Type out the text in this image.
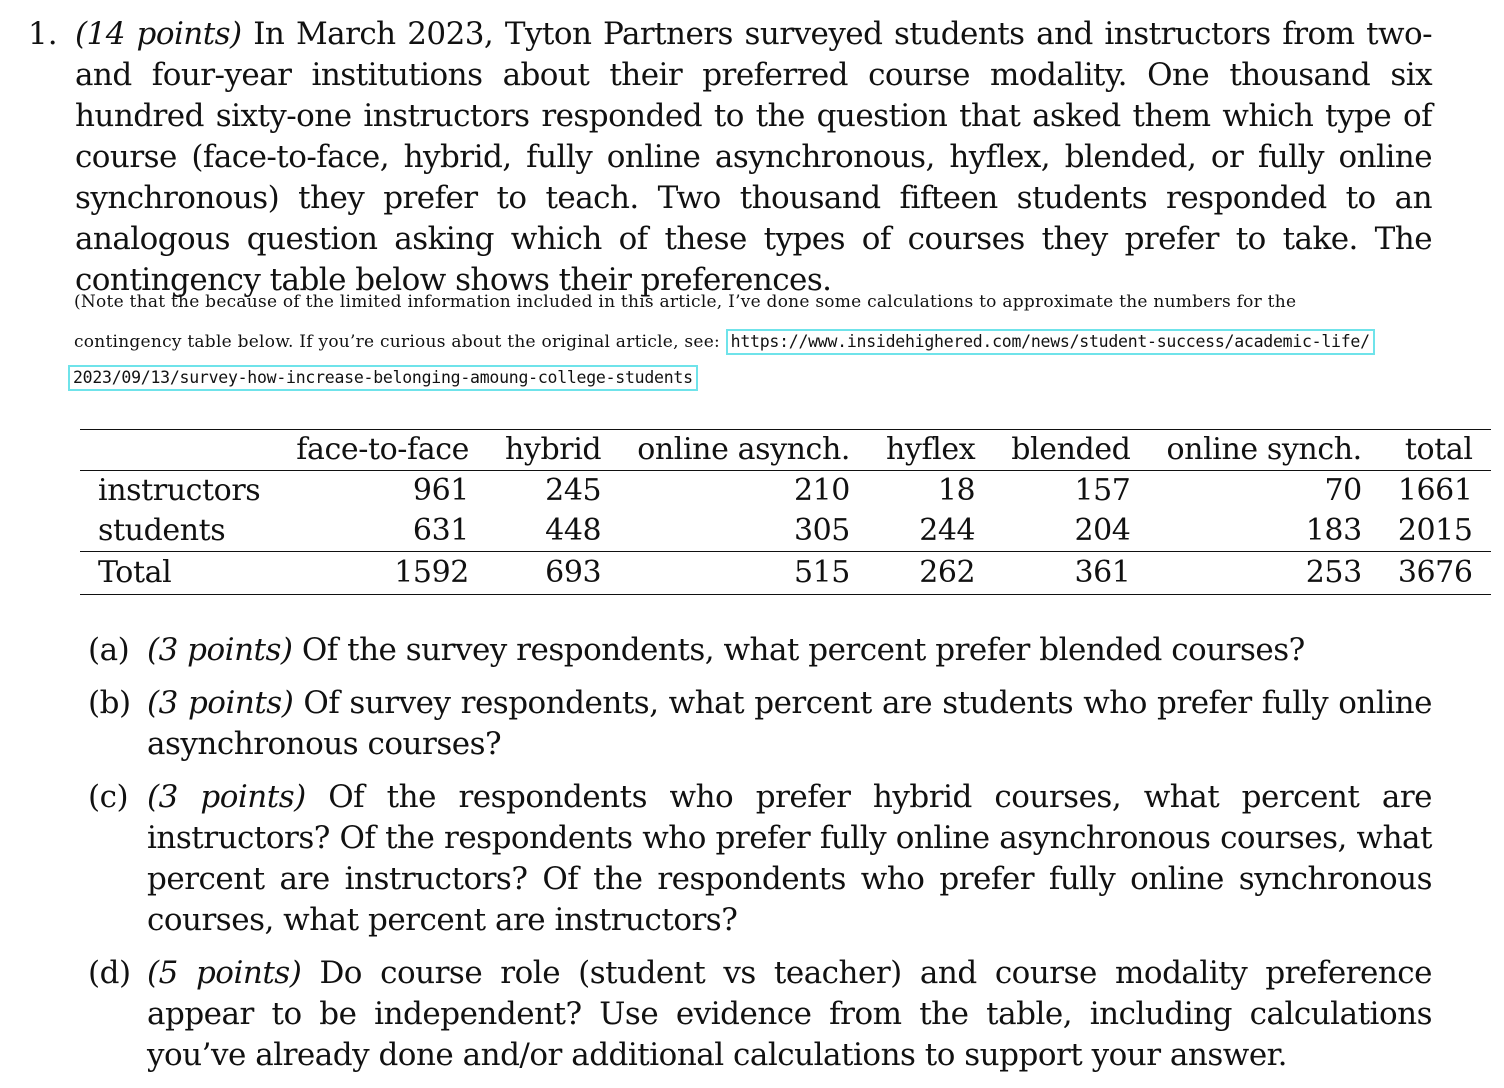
1. (14 points) In March 2023, Tyton Partners surveyed students and instructors from two- and four-year institutions about their preferred course modality. One thousand six hundred sixty-one instructors responded to the question that asked them which type of course (face-to-face, hybrid, fully online asynchronous, hyflex, blended, or fully online synchronous) they prefer to teach. Two thousand fifteen students responded to an analogous question asking which of these types of courses they prefer to take. The contingency table below shows their preferences.
(Note that the because of the limited information included in this article, I’ve done some calculations to approximate the numbers for the
contingency table below. If you’re curious about the original article, see: https://www.insidehighered.com/news/student-success/academic-life/
2023/09/13/survey-how-increase-belonging-amoung-college-students
	face-to-face	hybrid	online asynch.	hyflex	blended	online synch.	total
instructors	961	245	210	18	157	70	1661
students	631	448	305	244	204	183	2015
Total	1592	693	515	262	361	253	3676
(a) (3 points) Of the survey respondents, what percent prefer blended courses?
(b) (3 points) Of survey respondents, what percent are students who prefer fully online asynchronous courses?
(c) (3 points) Of the respondents who prefer hybrid courses, what percent are instructors? Of the respondents who prefer fully online asynchronous courses, what percent are instructors? Of the respondents who prefer fully online synchronous courses, what percent are instructors?
(d) (5 points) Do course role (student vs teacher) and course modality preference appear to be independent? Use evidence from the table, including calculations you’ve already done and/or additional calculations to support your answer.
